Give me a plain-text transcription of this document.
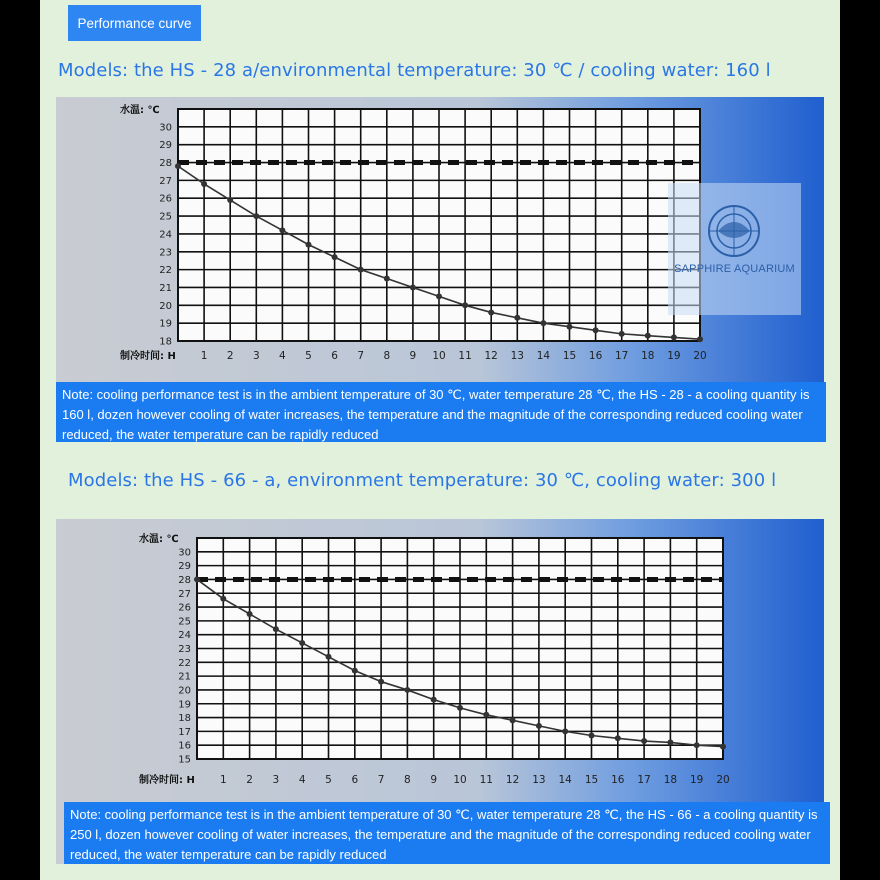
Performance curve
Models: the HS - 28 a/environmental temperature: 30 ℃ / cooling water: 160 l
水温: ℃
18
19
20
21
22
23
24
25
26
27
28
29
30
制冷时间: H 1 2 3 4 5 6 7 8 9 10 11 12 13 14 15 16 17 18 19 20
SAPPHIRE AQUARIUM
Note: cooling performance test is in the ambient temperature of 30 ℃, water temperature 28 ℃, the HS - 28 - a cooling quantity is 160 l, dozen however cooling of water increases, the temperature and the magnitude of the corresponding reduced cooling water reduced, the water temperature can be rapidly reduced
Models: the HS - 66 - a, environment temperature: 30 ℃, cooling water: 300 l
水温: ℃
15
16
17
18
19
20
21
22
23
24
25
26
27
28
29
30
制冷时间: H 1 2 3 4 5 6 7 8 9 10 11 12 13 14 15 16 17 18 19 20
Note: cooling performance test is in the ambient temperature of 30 ℃, water temperature 28 ℃, the HS - 66 - a cooling quantity is 250 l, dozen however cooling of water increases, the temperature and the magnitude of the corresponding reduced cooling water reduced, the water temperature can be rapidly reduced
